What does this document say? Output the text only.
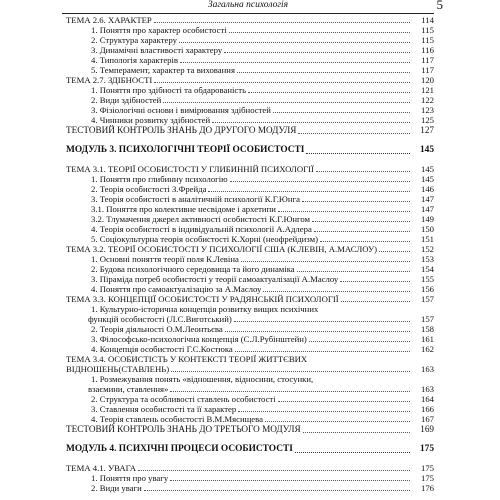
Загальна психологія	5
ТЕМА 2.6. ХАРАКТЕР	114
1. Поняття про характер особистості	115
2. Структура характеру	115
3. Динамічні властивості характеру	116
4. Типологія характерів	117
5. Темперамент, характер та виховання	117
ТЕМА 2.7. ЗДІБНОСТІ	120
1. Поняття про здібності та обдарованість	121
2. Види здібностей	122
3. Фізіологічні основи і вимірювання здібностей	123
4. Чинники розвитку здібностей	125
ТЕСТОВИЙ КОНТРОЛЬ ЗНАНЬ ДО ДРУГОГО МОДУЛЯ	127
МОДУЛЬ 3. ПСИХОЛОГІЧНІ ТЕОРІЇ ОСОБИСТОСТІ	145
ТЕМА 3.1. ТЕОРІЇ ОСОБИСТОСТІ У ГЛИБИННІЙ ПСИХОЛОГІЇ	145
1. Поняття про глибинну психологію	145
2. Теорія особистості З.Фрейда	146
3. Теорія особистості в аналітичній психології К.Г.Юнга	147
3.1. Поняття про колективне несвідоме і архетипи	147
3.2. Тлумачення джерел активності особистості К.Г.Юнгом	149
4. Теорія особистості в індивідуальній психології А.Адлера	150
5. Соціокультурна теорія особистості К.Хорні (неофрейдизм)	151
ТЕМА 3.2. ТЕОРІЇ ОСОБИСТОСТІ У ПСИХОЛОГІЇ США (К.ЛЕВІН, А.МАСЛОУ)	152
1. Основні поняття теорії поля К.Левіна	153
2. Будова психологічного середовища та його динаміка	154
3. Піраміда потреб особистості у теорії самоактуалізації А.Маслоу	155
4. Поняття про самоактуалізацію за А.Маслоу	156
ТЕМА 3.3. КОНЦЕПЦІЇ ОСОБИСТОСТІ У РАДЯНСЬКІЙ ПСИХОЛОГІЇ	157
1. Культурно-історична концепція розвитку вищих психічних
функцій особистості (Л.С.Виготський)	157
2. Теорія діяльності О.М.Леонтьєва	158
3. Філософсько-психологічна концепція (С.Л.Рубінштейн)	161
4. Концепція особистості Г.С.Костюка	162
ТЕМА 3.4. ОСОБИСТІСТЬ У КОНТЕКСТІ ТЕОРІЇ ЖИТТЄВИХ
ВІДНОШЕНЬ(СТАВЛЕНЬ)	163
1. Розмежування понять «відношення, відносини, стосунки,
взаємини, ставлення»	163
2. Структура та особливості ставлень особистості	164
3. Ставлення особистості та її характер	166
4. Теорія ставлень особистості В.М.Мясищева	167
ТЕСТОВИЙ КОНТРОЛЬ ЗНАНЬ ДО ТРЕТЬОГО МОДУЛЯ	169
МОДУЛЬ 4. ПСИХІЧНІ ПРОЦЕСИ ОСОБИСТОСТІ	175
ТЕМА 4.1. УВАГА	175
1. Поняття про увагу	175
2. Види уваги	176
